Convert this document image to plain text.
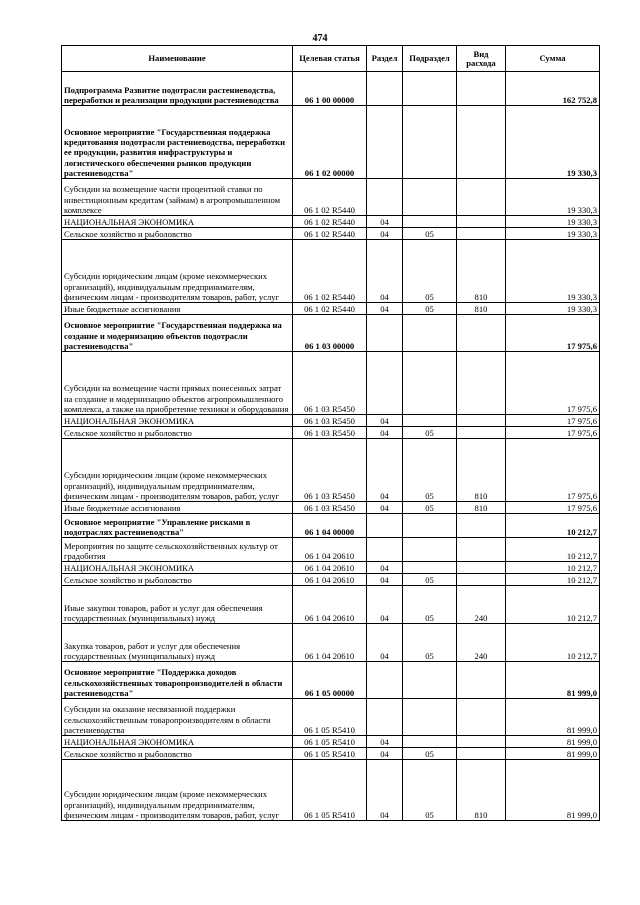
474
Наименование	Целевая статья	Раздел	Подраздел	Вид расхода	Сумма
Подпрограмма Развитие подотрасли растениеводства, переработки и реализации продукции растениеводства	06 1 00 00000				162 752,8
Основное мероприятие "Государственная поддержка кредитования подотрасли растениеводства, переработки ее продукции, развития инфраструктуры и логистического обеспечения рынков продукции растениеводства"	06 1 02 00000				19 330,3
Субсидии на возмещение части процентной ставки по инвестиционным кредитам (займам) в агропромышленном комплексе	06 1 02 R5440				19 330,3
НАЦИОНАЛЬНАЯ ЭКОНОМИКА	06 1 02 R5440	04			19 330,3
Сельское хозяйство и рыболовство	06 1 02 R5440	04	05		19 330,3
Субсидии юридическим лицам (кроме некоммерческих организаций), индивидуальным предпринимателям, физическим лицам - производителям товаров, работ, услуг	06 1 02 R5440	04	05	810	19 330,3
Иные бюджетные ассигнования	06 1 02 R5440	04	05	810	19 330,3
Основное мероприятие "Государственная поддержка на создание и модернизацию объектов подотрасли растениеводства"	06 1 03 00000				17 975,6
Субсидии на возмещение части прямых понесенных затрат на создание и модернизацию объектов агропромышленного комплекса, а также на приобретение техники и оборудования	06 1 03 R5450				17 975,6
НАЦИОНАЛЬНАЯ ЭКОНОМИКА	06 1 03 R5450	04			17 975,6
Сельское хозяйство и рыболовство	06 1 03 R5450	04	05		17 975,6
Субсидии юридическим лицам (кроме некоммерческих организаций), индивидуальным предпринимателям, физическим лицам - производителям товаров, работ, услуг	06 1 03 R5450	04	05	810	17 975,6
Иные бюджетные ассигнования	06 1 03 R5450	04	05	810	17 975,6
Основное мероприятие "Управление рисками в подотраслях растениеводства"	06 1 04 00000				10 212,7
Мероприятия по защите сельскохозяйственных культур от градобития	06 1 04 20610				10 212,7
НАЦИОНАЛЬНАЯ ЭКОНОМИКА	06 1 04 20610	04			10 212,7
Сельское хозяйство и рыболовство	06 1 04 20610	04	05		10 212,7
Иные закупки товаров, работ и услуг для обеспечения государственных (муниципальных) нужд	06 1 04 20610	04	05	240	10 212,7
Закупка товаров, работ и услуг для обеспечения государственных (муниципальных) нужд	06 1 04 20610	04	05	240	10 212,7
Основное мероприятие "Поддержка доходов сельскохозяйственных товаропроизводителей в области растениеводства"	06 1 05 00000				81 999,0
Субсидии на оказание несвязанной поддержки сельскохозяйственным товаропроизводителям в области растениеводства	06 1 05 R5410				81 999,0
НАЦИОНАЛЬНАЯ ЭКОНОМИКА	06 1 05 R5410	04			81 999,0
Сельское хозяйство и рыболовство	06 1 05 R5410	04	05		81 999,0
Субсидии юридическим лицам (кроме некоммерческих организаций), индивидуальным предпринимателям, физическим лицам - производителям товаров, работ, услуг	06 1 05 R5410	04	05	810	81 999,0
